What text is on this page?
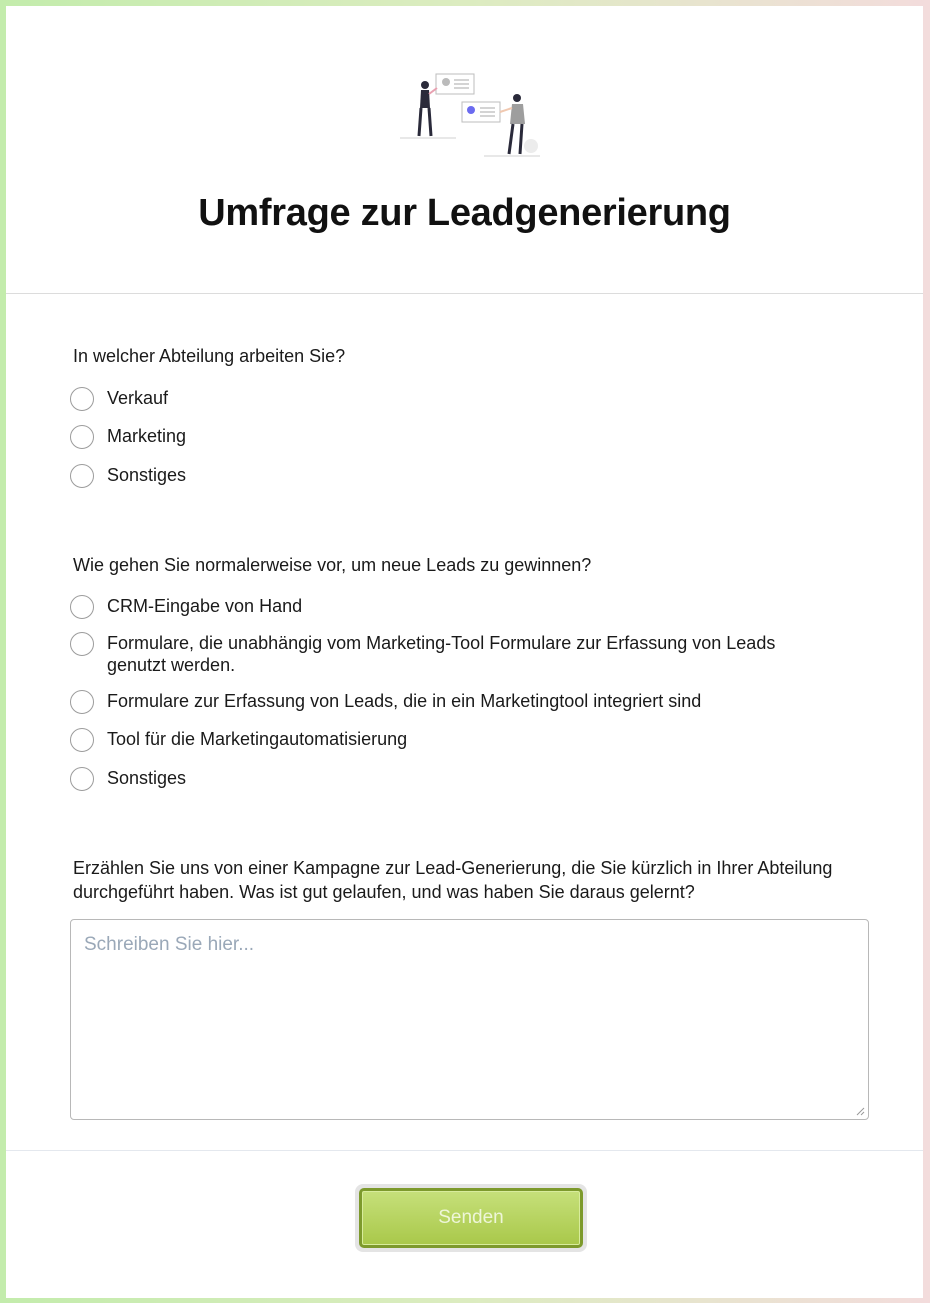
Umfrage zur Leadgenerierung
In welcher Abteilung arbeiten Sie?
Verkauf
Marketing
Sonstiges
Wie gehen Sie normalerweise vor, um neue Leads zu gewinnen?
CRM-Eingabe von Hand
Formulare, die unabhängig vom Marketing-Tool Formulare zur Erfassung von Leads genutzt werden.
Formulare zur Erfassung von Leads, die in ein Marketingtool integriert sind
Tool für die Marketingautomatisierung
Sonstiges
Erzählen Sie uns von einer Kampagne zur Lead-Generierung, die Sie kürzlich in Ihrer Abteilung durchgeführt haben. Was ist gut gelaufen, und was haben Sie daraus gelernt?
Schreiben Sie hier...
Senden
